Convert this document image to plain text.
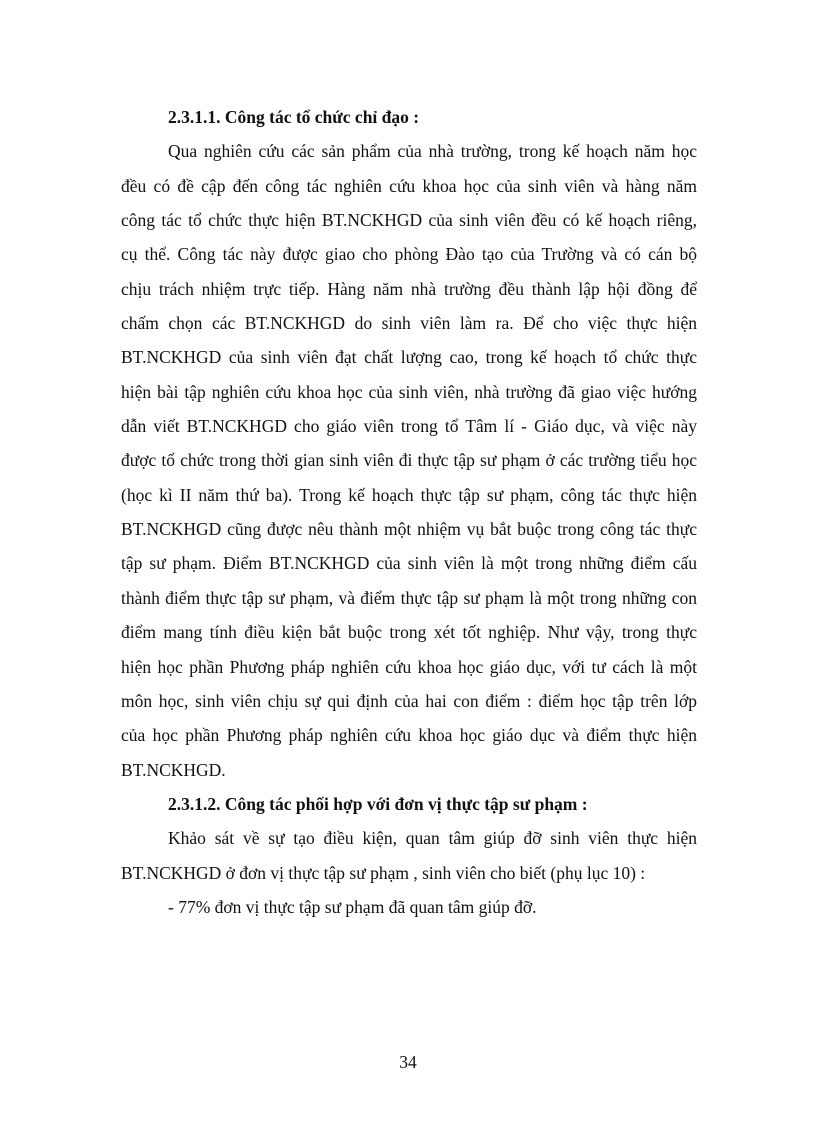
2.3.1.1. Công tác tổ chức chỉ đạo :
Qua nghiên cứu các sản phẩm của nhà trường, trong kế hoạch năm học
đều có đề cập đến công tác nghiên cứu khoa học của sinh viên và hàng năm
công tác tổ chức thực hiện BT.NCKHGD của sinh viên đều có kế hoạch riêng,
cụ thể. Công tác này được giao cho phòng Đào tạo của Trường và có cán bộ
chịu trách nhiệm trực tiếp. Hàng năm nhà trường đều thành lập hội đồng để
chấm chọn các BT.NCKHGD do sinh viên làm ra. Để cho việc thực hiện
BT.NCKHGD của sinh viên đạt chất lượng cao, trong kế hoạch tổ chức thực
hiện bài tập nghiên cứu khoa học của sinh viên, nhà trường đã giao việc hướng
dẫn viết BT.NCKHGD cho giáo viên trong tổ Tâm lí - Giáo dục, và việc này
được tổ chức trong thời gian sinh viên đi thực tập sư phạm ở các trường tiểu học
(học kì II năm thứ ba). Trong kế hoạch thực tập sư phạm, công tác thực hiện
BT.NCKHGD cũng được nêu thành một nhiệm vụ bắt buộc trong công tác thực
tập sư phạm. Điểm BT.NCKHGD của sinh viên là một trong những điểm cấu
thành điểm thực tập sư phạm, và điểm thực tập sư phạm là một trong những con
điểm mang tính điều kiện bắt buộc trong xét tốt nghiệp. Như vậy, trong thực
hiện học phần Phương pháp nghiên cứu khoa học giáo dục, với tư cách là một
môn học, sinh viên chịu sự qui định của hai con điểm : điểm học tập trên lớp
của học phần Phương pháp nghiên cứu khoa học giáo dục và điểm thực hiện
BT.NCKHGD.
2.3.1.2. Công tác phối hợp với đơn vị thực tập sư phạm :
Khảo sát về sự tạo điều kiện, quan tâm giúp đỡ sinh viên thực hiện
BT.NCKHGD ở đơn vị thực tập sư phạm , sinh viên cho biết (phụ lục 10) :
- 77% đơn vị thực tập sư phạm đã quan tâm giúp đỡ.
34
